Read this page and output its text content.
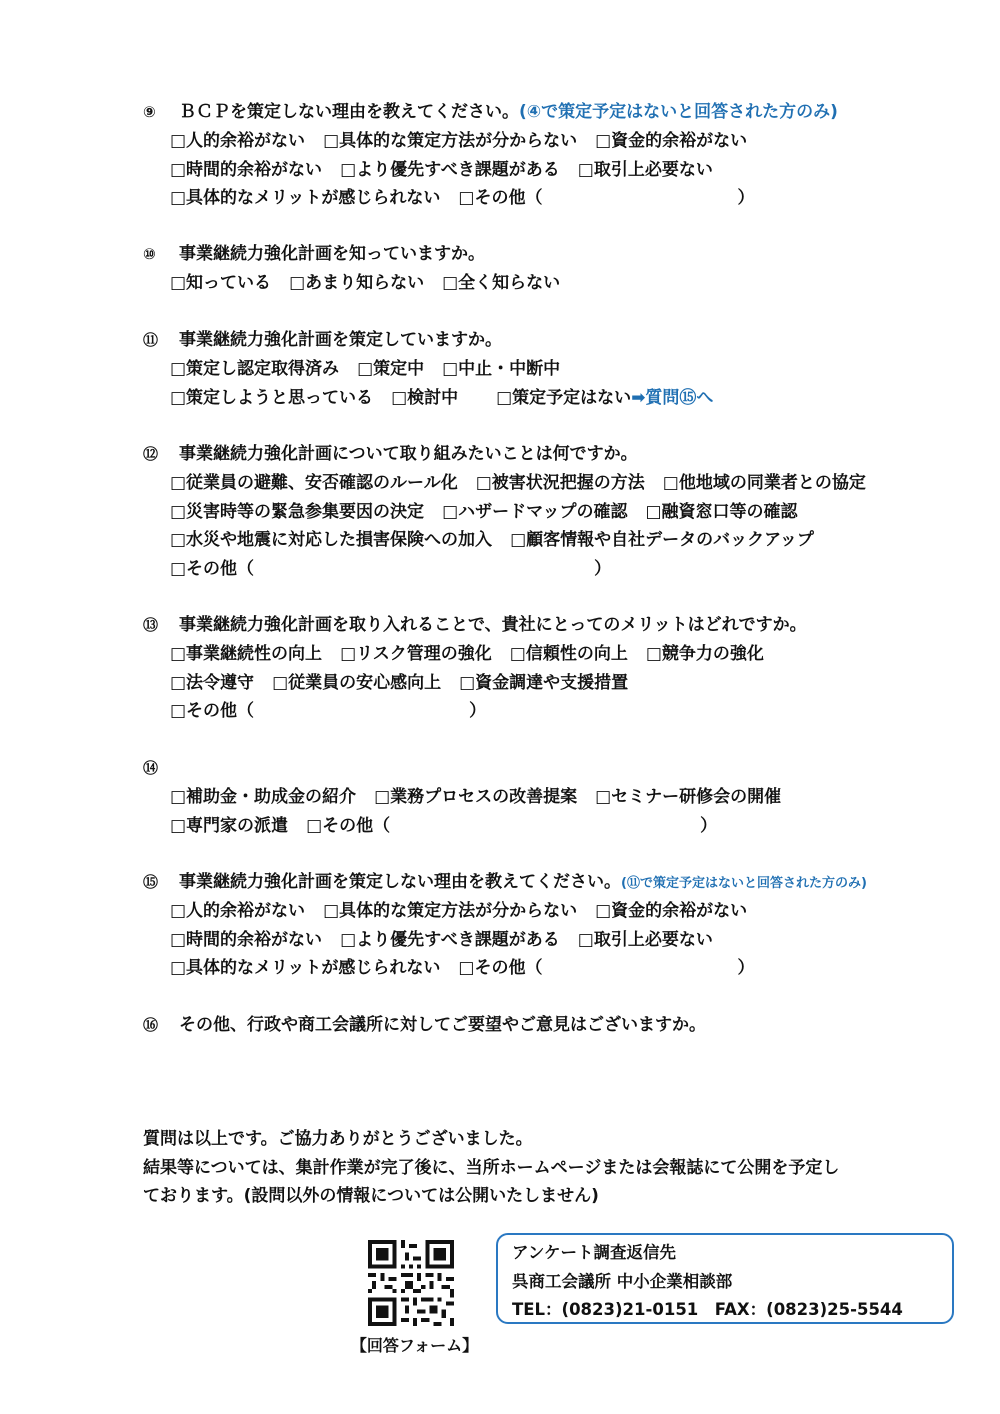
⑨ ＢＣＰを策定しない理由を教えてください。(④で策定予定はないと回答された方のみ)
□人的余裕がない □具体的な策定方法が分からない □資金的余裕がない
□時間的余裕がない □より優先すべき課題がある □取引上必要ない
□具体的なメリットが感じられない □その他（	）
⑩ 事業継続力強化計画を知っていますか。
□知っている □あまり知らない □全く知らない
⑪ 事業継続力強化計画を策定していますか。
□策定し認定取得済み □策定中 □中止・中断中
□策定しようと思っている □検討中 □策定予定はない➡質問⑮へ
⑫ 事業継続力強化計画について取り組みたいことは何ですか。
□従業員の避難、安否確認のルール化 □被害状況把握の方法 □他地域の同業者との協定
□災害時等の緊急参集要因の決定 □ハザードマップの確認 □融資窓口等の確認
□水災や地震に対応した損害保険への加入 □顧客情報や自社データのバックアップ
□その他（	）
⑬ 事業継続力強化計画を取り入れることで、貴社にとってのメリットはどれですか。
□事業継続性の向上 □リスク管理の強化 □信頼性の向上 □競争力の強化
□法令遵守 □従業員の安心感向上 □資金調達や支援措置
□その他（	）
⑭
□補助金・助成金の紹介 □業務プロセスの改善提案 □セミナー研修会の開催
□専門家の派遣 □その他（	）
⑮ 事業継続力強化計画を策定しない理由を教えてください。(⑪で策定予定はないと回答された方のみ)
□人的余裕がない □具体的な策定方法が分からない □資金的余裕がない
□時間的余裕がない □より優先すべき課題がある □取引上必要ない
□具体的なメリットが感じられない □その他（	）
⑯ その他、行政や商工会議所に対してご要望やご意見はございますか。

質問は以上です。ご協力ありがとうございました。

結果等については、集計作業が完了後に、当所ホームページまたは会報誌にて公開を予定し

ております。(設問以外の情報については公開いたしません)

【回答フォーム】
アンケート調査返信先
呉商工会議所 中小企業相談部
TEL：(0823)21-0151　FAX：(0823)25-5544
